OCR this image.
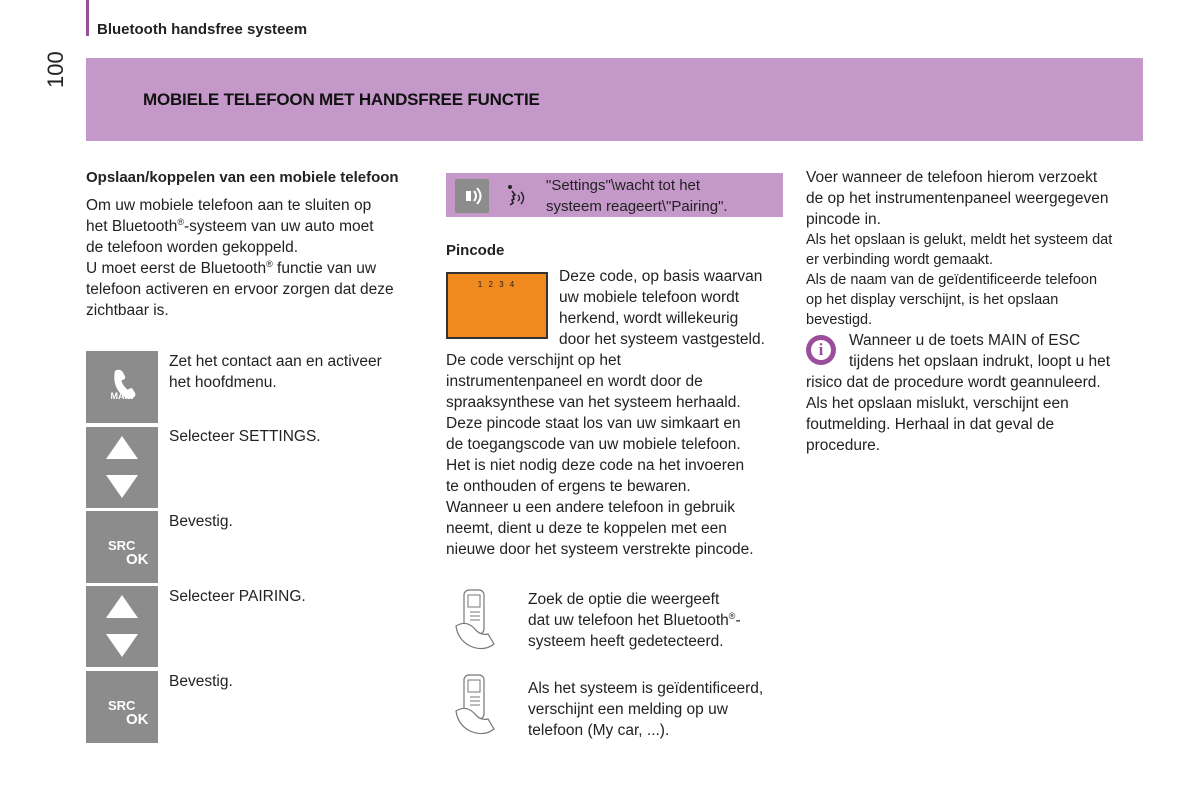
Bluetooth handsfree systeem
100
MOBIELE TELEFOON MET HANDSFREE FUNCTIE
Opslaan/koppelen van een mobiele telefoon

Om uw mobiele telefoon aan te sluiten op

het Bluetooth®-systeem van uw auto moet

de telefoon worden gekoppeld.

U moet eerst de Bluetooth® functie van uw

telefoon activeren en ervoor zorgen dat deze

zichtbaar is.

MAIN
Zet het contact aan en activeer
het hoofdmenu.
Selecteer SETTINGS.
SRC
OK
Bevestig.
Selecteer PAIRING.
SRC
OK
Bevestig.
"Settings"\wacht tot het
systeem reageert\"Pairing".
Pincode
1 2 3 4	Deze code, op basis waarvan

uw mobiele telefoon wordt

herkend, wordt willekeurig

door het systeem vastgesteld.

De code verschijnt op het

instrumentenpaneel en wordt door de

spraaksynthese van het systeem herhaald.

Deze pincode staat los van uw simkaart en

de toegangscode van uw mobiele telefoon.

Het is niet nodig deze code na het invoeren

te onthouden of ergens te bewaren.

Wanneer u een andere telefoon in gebruik

neemt, dient u deze te koppelen met een

nieuwe door het systeem verstrekte pincode.

Zoek de optie die weergeeft

dat uw telefoon het Bluetooth®-

systeem heeft gedetecteerd.

Als het systeem is geïdentificeerd,

verschijnt een melding op uw

telefoon (My car, ...).

Voer wanneer de telefoon hierom verzoekt

de op het instrumentenpaneel weergegeven

pincode in.

Als het opslaan is gelukt, meldt het systeem dat

er verbinding wordt gemaakt.

Als de naam van de geïdentificeerde telefoon

op het display verschijnt, is het opslaan

bevestigd.

i	Wanneer u de toets MAIN of ESC

tijdens het opslaan indrukt, loopt u het

risico dat de procedure wordt geannuleerd.

Als het opslaan mislukt, verschijnt een

foutmelding. Herhaal in dat geval de

procedure.
